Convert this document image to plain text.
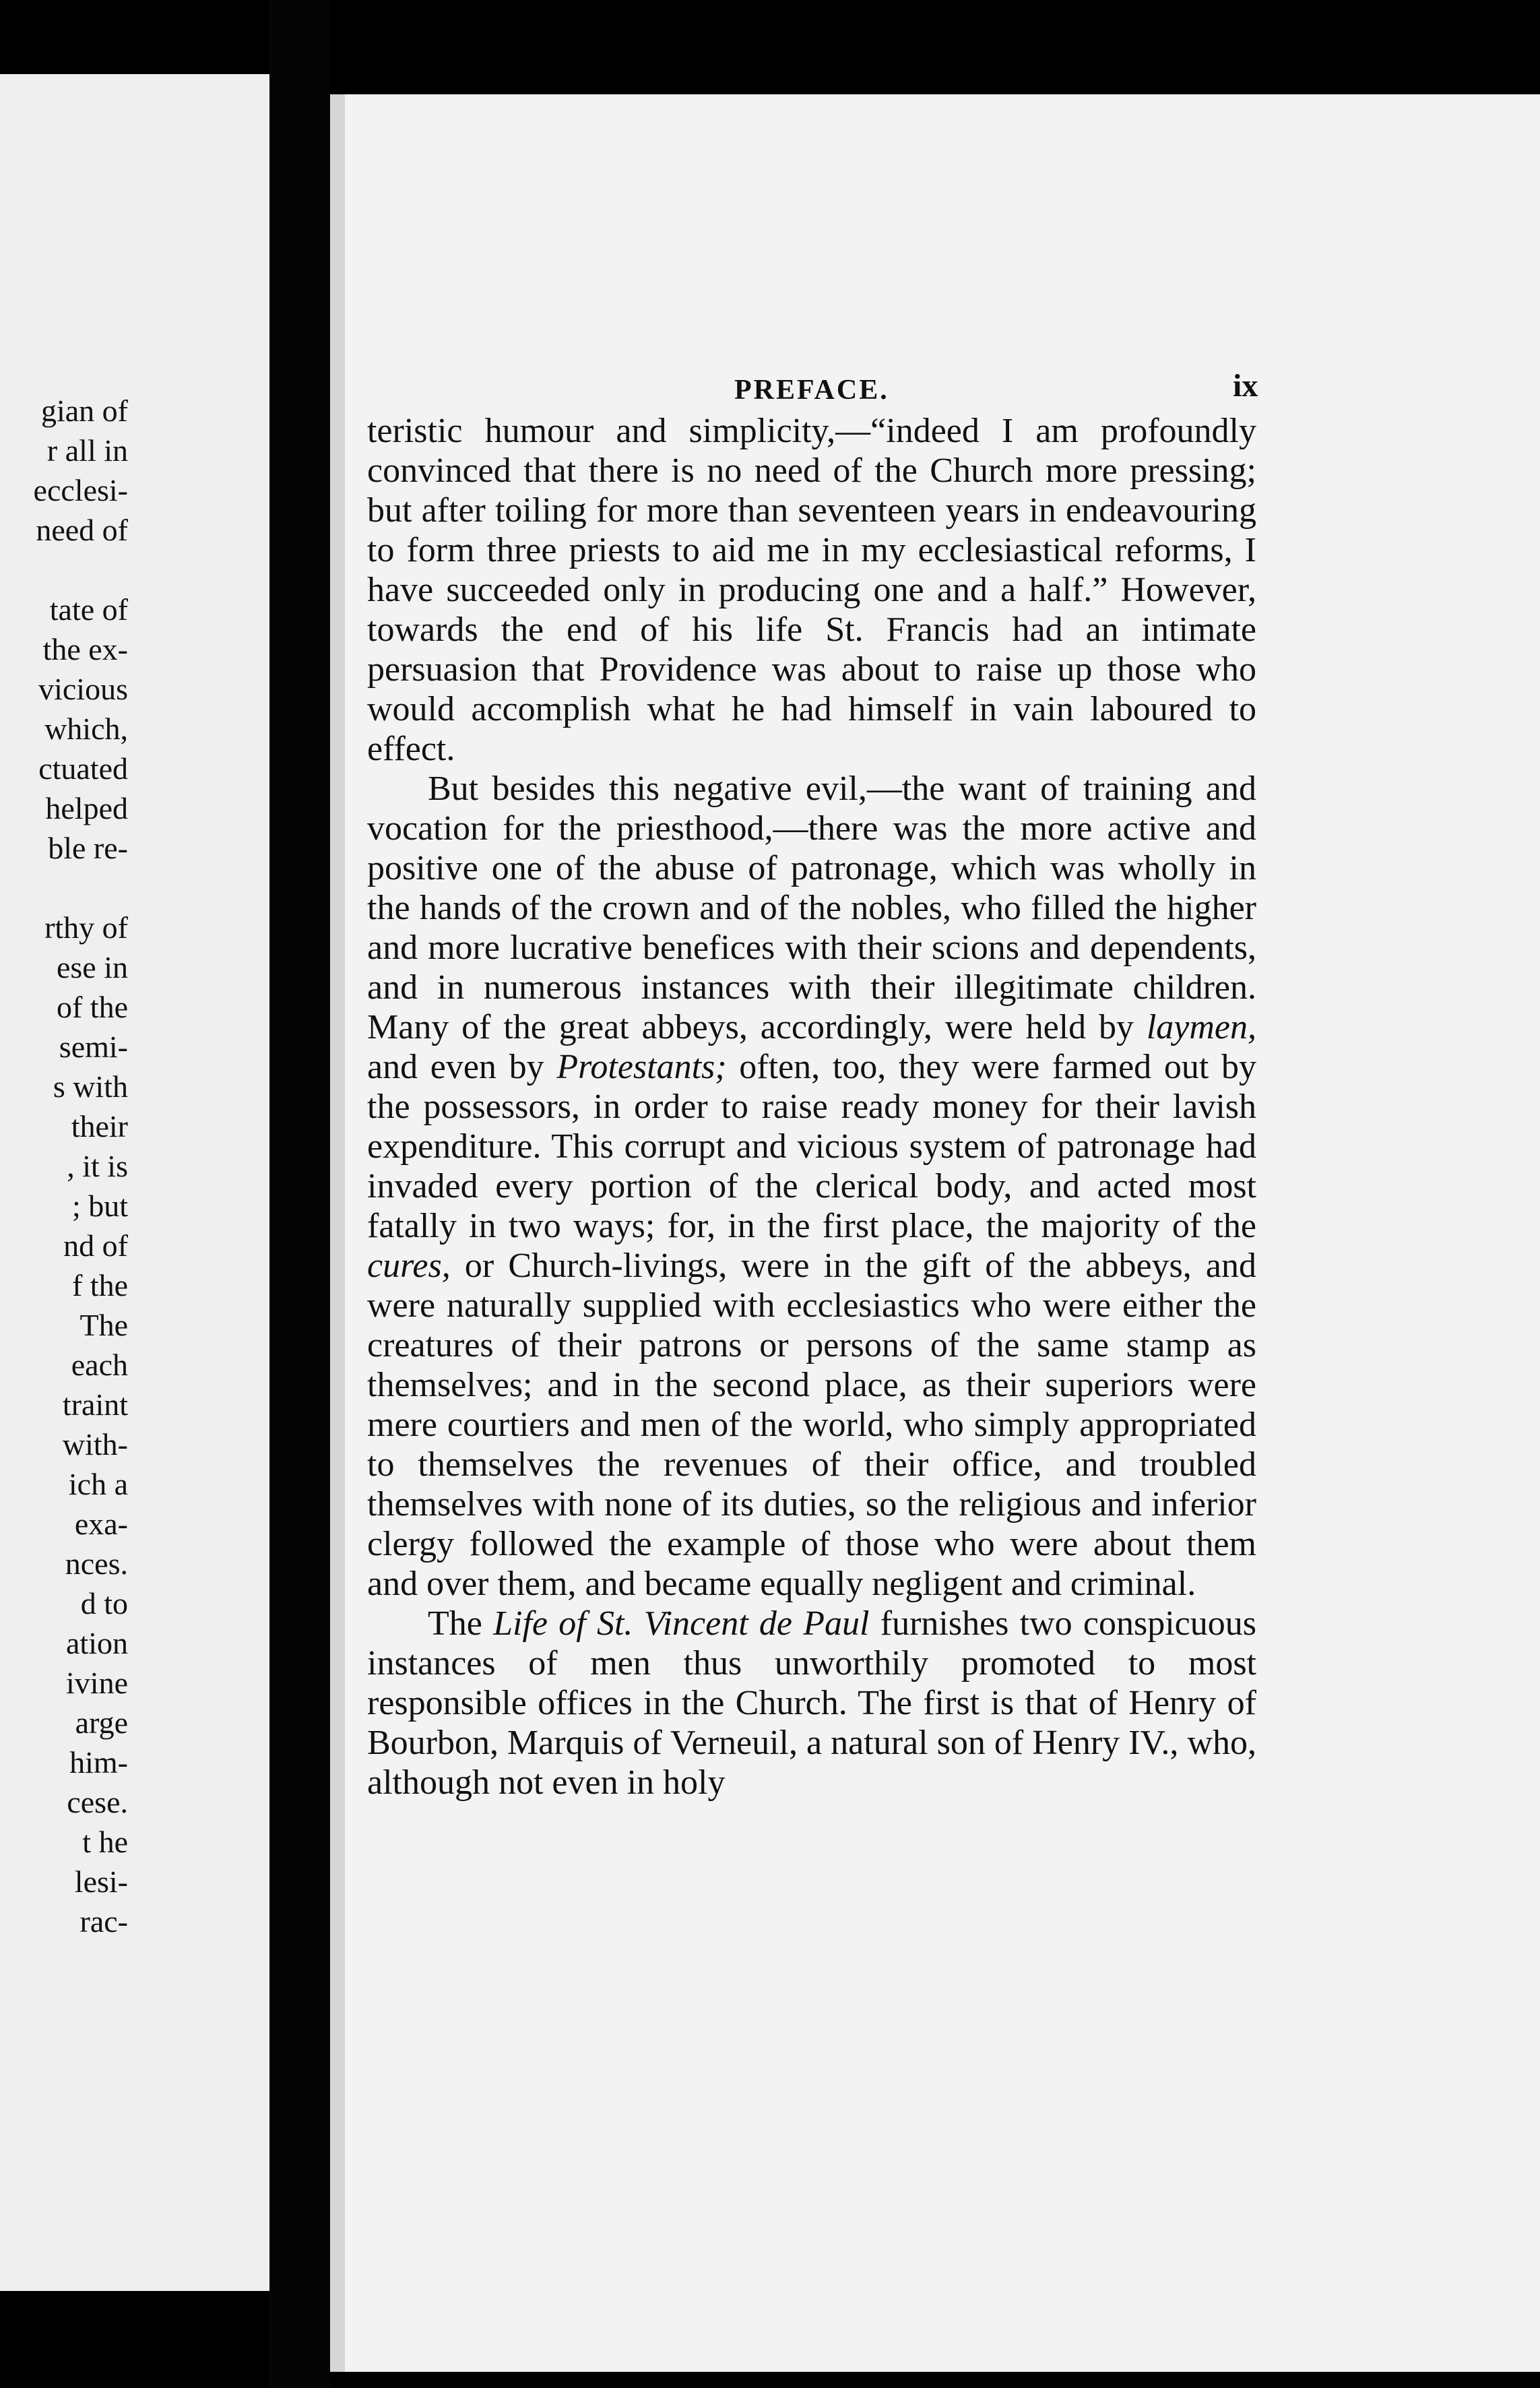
gian of
r all in
ecclesi-
need of
tate of
the ex-
vicious
which,
ctuated
helped
ble re-
rthy of
ese in
of the
semi-
s with
their
, it is
; but
nd of
f the
The
each
traint
with-
ich a
exa-
nces.
d to
ation
ivine
arge
him-
cese.
t he
lesi-
rac-
PREFACE.	ix

teristic humour and simplicity,—“indeed I am profoundly convinced that there is no need of the Church more pressing; but after toiling for more than seventeen years in endeavouring to form three priests to aid me in my ecclesiastical reforms, I have succeeded only in producing one and a half.” However, towards the end of his life St. Francis had an intimate persuasion that Providence was about to raise up those who would accomplish what he had himself in vain laboured to effect.

But besides this negative evil,—the want of training and vocation for the priesthood,—there was the more active and positive one of the abuse of patronage, which was wholly in the hands of the crown and of the nobles, who filled the higher and more lucrative benefices with their scions and dependents, and in numerous instances with their illegitimate children. Many of the great abbeys, accordingly, were held by laymen, and even by Protestants; often, too, they were farmed out by the possessors, in order to raise ready money for their lavish expenditure. This corrupt and vicious system of patronage had invaded every portion of the clerical body, and acted most fatally in two ways; for, in the first place, the majority of the cures, or Church-livings, were in the gift of the abbeys, and were naturally supplied with ecclesiastics who were either the creatures of their patrons or persons of the same stamp as themselves; and in the second place, as their superiors were mere courtiers and men of the world, who simply appropriated to themselves the revenues of their office, and troubled themselves with none of its duties, so the religious and inferior clergy followed the example of those who were about them and over them, and became equally negligent and criminal.

The Life of St. Vincent de Paul furnishes two conspicuous instances of men thus unworthily promoted to most responsible offices in the Church. The first is that of Henry of Bourbon, Marquis of Verneuil, a natural son of Henry IV., who, although not even in holy
